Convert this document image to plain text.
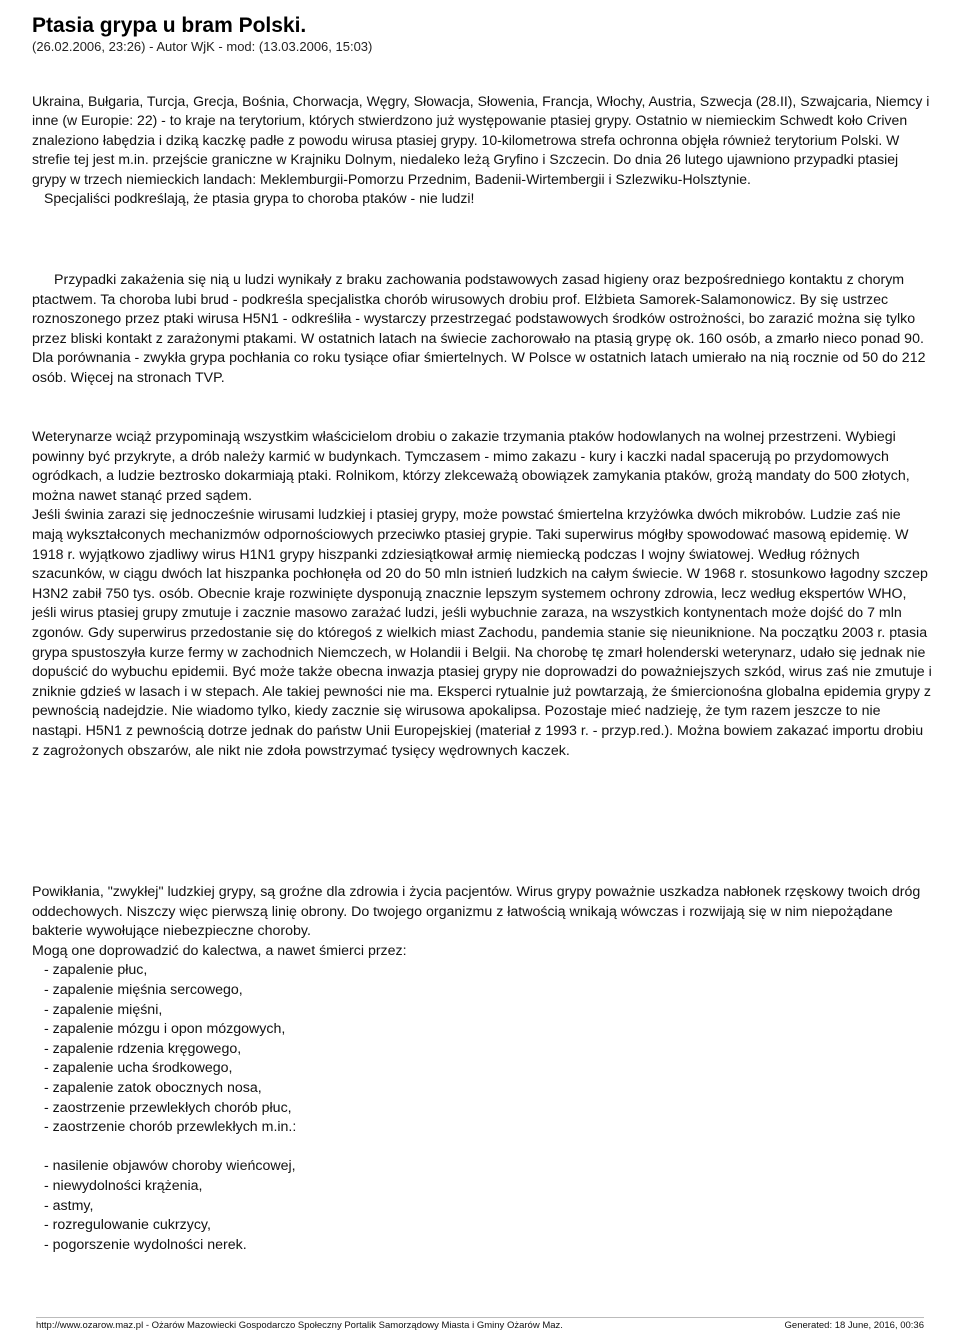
Ptasia grypa u bram Polski.
(26.02.2006, 23:26) - Autor WjK - mod: (13.03.2006, 15:03)

Ukraina, Bułgaria, Turcja, Grecja, Bośnia, Chorwacja, Węgry, Słowacja, Słowenia, Francja, Włochy, Austria, Szwecja (28.II), Szwajcaria, Niemcy i inne (w Europie: 22) - to kraje na terytorium, których stwierdzono już występowanie ptasiej grypy. Ostatnio w niemieckim Schwedt koło Criven znaleziono łabędzia i dziką kaczkę padłe z powodu wirusa ptasiej grypy. 10-kilometrowa strefa ochronna objęła również terytorium Polski. W strefie tej jest m.in. przejście graniczne w Krajniku Dolnym, niedaleko leżą Gryfino i Szczecin. Do dnia 26 lutego ujawniono przypadki ptasiej grypy w trzech niemieckich landach: Meklemburgii-Pomorzu Przednim, Badenii-Wirtembergii i Szlezwiku-Holsztynie.

Specjaliści podkreślają, że ptasia grypa to choroba ptaków - nie ludzi!

Przypadki zakażenia się nią u ludzi wynikały z braku zachowania podstawowych zasad higieny oraz bezpośredniego kontaktu z chorym ptactwem. Ta choroba lubi brud - podkreśla specjalistka chorób wirusowych drobiu prof. Elżbieta Samorek-Salamonowicz. By się ustrzec roznoszonego przez ptaki wirusa H5N1 - odkreśliła - wystarczy przestrzegać podstawowych środków ostrożności, bo zarazić można się tylko przez bliski kontakt z zarażonymi ptakami. W ostatnich latach na świecie zachorowało na ptasią grypę ok. 160 osób, a zmarło nieco ponad 90. Dla porównania - zwykła grypa pochłania co roku tysiące ofiar śmiertelnych. W Polsce w ostatnich latach umierało na nią rocznie od 50 do 212 osób. Więcej na stronach TVP.

Weterynarze wciąż przypominają wszystkim właścicielom drobiu o zakazie trzymania ptaków hodowlanych na wolnej przestrzeni. Wybiegi powinny być przykryte, a drób należy karmić w budynkach. Tymczasem - mimo zakazu - kury i kaczki nadal spacerują po przydomowych ogródkach, a ludzie beztrosko dokarmiają ptaki. Rolnikom, którzy zlekceważą obowiązek zamykania ptaków, grożą mandaty do 500 złotych, można nawet stanąć przed sądem.

Jeśli świnia zarazi się jednocześnie wirusami ludzkiej i ptasiej grypy, może powstać śmiertelna krzyżówka dwóch mikrobów. Ludzie zaś nie mają wykształconych mechanizmów odpornościowych przeciwko ptasiej grypie. Taki superwirus mógłby spowodować masową epidemię. W 1918 r. wyjątkowo zjadliwy wirus H1N1 grypy hiszpanki zdziesiątkował armię niemiecką podczas I wojny światowej. Według różnych szacunków, w ciągu dwóch lat hiszpanka pochłonęła od 20 do 50 mln istnień ludzkich na całym świecie. W 1968 r. stosunkowo łagodny szczep H3N2 zabił 750 tys. osób. Obecnie kraje rozwinięte dysponują znacznie lepszym systemem ochrony zdrowia, lecz według ekspertów WHO, jeśli wirus ptasiej grupy zmutuje i zacznie masowo zarażać ludzi, jeśli wybuchnie zaraza, na wszystkich kontynentach może dojść do 7 mln zgonów. Gdy superwirus przedostanie się do któregoś z wielkich miast Zachodu, pandemia stanie się nieuniknione. Na początku 2003 r. ptasia grypa spustoszyła kurze fermy w zachodnich Niemczech, w Holandii i Belgii. Na chorobę tę zmarł holenderski weterynarz, udało się jednak nie dopuścić do wybuchu epidemii. Być może także obecna inwazja ptasiej grypy nie doprowadzi do poważniejszych szkód, wirus zaś nie zmutuje i zniknie gdzieś w lasach i w stepach. Ale takiej pewności nie ma. Eksperci rytualnie już powtarzają, że śmiercionośna globalna epidemia grypy z pewnością nadejdzie. Nie wiadomo tylko, kiedy zacznie się wirusowa apokalipsa. Pozostaje mieć nadzieję, że tym razem jeszcze to nie nastąpi. H5N1 z pewnością dotrze jednak do państw Unii Europejskiej (materiał z 1993 r. - przyp.red.). Można bowiem zakazać importu drobiu z zagrożonych obszarów, ale nikt nie zdoła powstrzymać tysięcy wędrownych kaczek.

Powikłania, "zwykłej" ludzkiej grypy, są groźne dla zdrowia i życia pacjentów. Wirus grypy poważnie uszkadza nabłonek rzęskowy twoich dróg oddechowych. Niszczy więc pierwszą linię obrony. Do twojego organizmu z łatwością wnikają wówczas i rozwijają się w nim niepożądane bakterie wywołujące niebezpieczne choroby.

Mogą one doprowadzić do kalectwa, a nawet śmierci przez:

- zapalenie płuc,
- zapalenie mięśnia sercowego,
- zapalenie mięśni,
- zapalenie mózgu i opon mózgowych,
- zapalenie rdzenia kręgowego,
- zapalenie ucha środkowego,
- zapalenie zatok obocznych nosa,
- zaostrzenie przewlekłych chorób płuc,
- zaostrzenie chorób przewlekłych m.in.:
- nasilenie objawów choroby wieńcowej,
- niewydolności krążenia,
- astmy,
- rozregulowanie cukrzycy,
- pogorszenie wydolności nerek.
http://www.ozarow.maz.pl - Ożarów Mazowiecki Gospodarczo Społeczny Portalik Samorządowy Miasta i Gminy Ożarów Maz.	Generated: 18 June, 2016, 00:36
